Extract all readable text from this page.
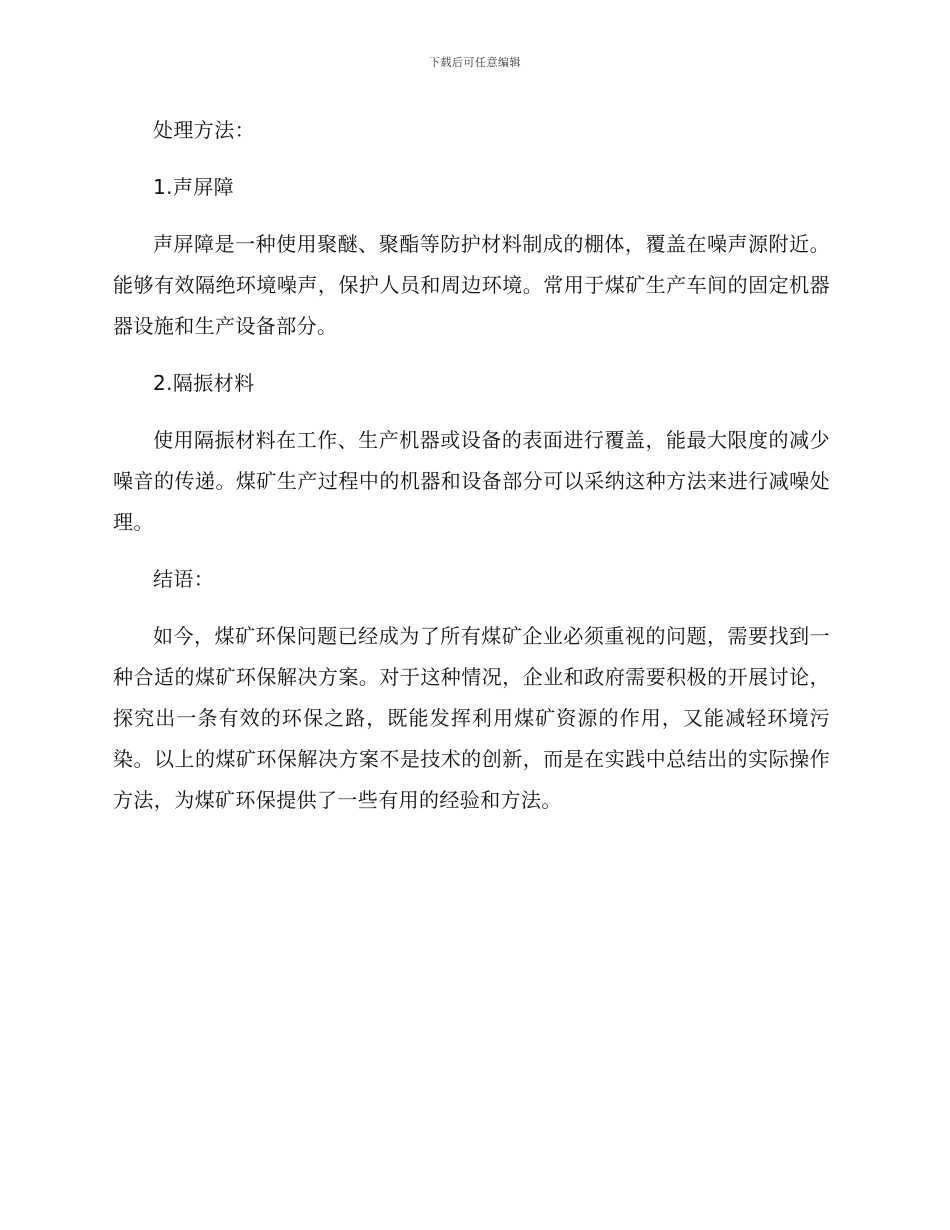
下载后可任意编辑

处理方法：

1.声屏障

声屏障是一种使用聚醚、聚酯等防护材料制成的棚体，覆盖在噪声源附近。能够有效隔绝环境噪声，保护人员和周边环境。常用于煤矿生产车间的固定机器器设施和生产设备部分。

2.隔振材料

使用隔振材料在工作、生产机器或设备的表面进行覆盖，能最大限度的减少噪音的传递。煤矿生产过程中的机器和设备部分可以采纳这种方法来进行减噪处理。

结语：

如今，煤矿环保问题已经成为了所有煤矿企业必须重视的问题，需要找到一种合适的煤矿环保解决方案。对于这种情况，企业和政府需要积极的开展讨论，探究出一条有效的环保之路，既能发挥利用煤矿资源的作用，又能减轻环境污染。以上的煤矿环保解决方案不是技术的创新，而是在实践中总结出的实际操作方法，为煤矿环保提供了一些有用的经验和方法。
